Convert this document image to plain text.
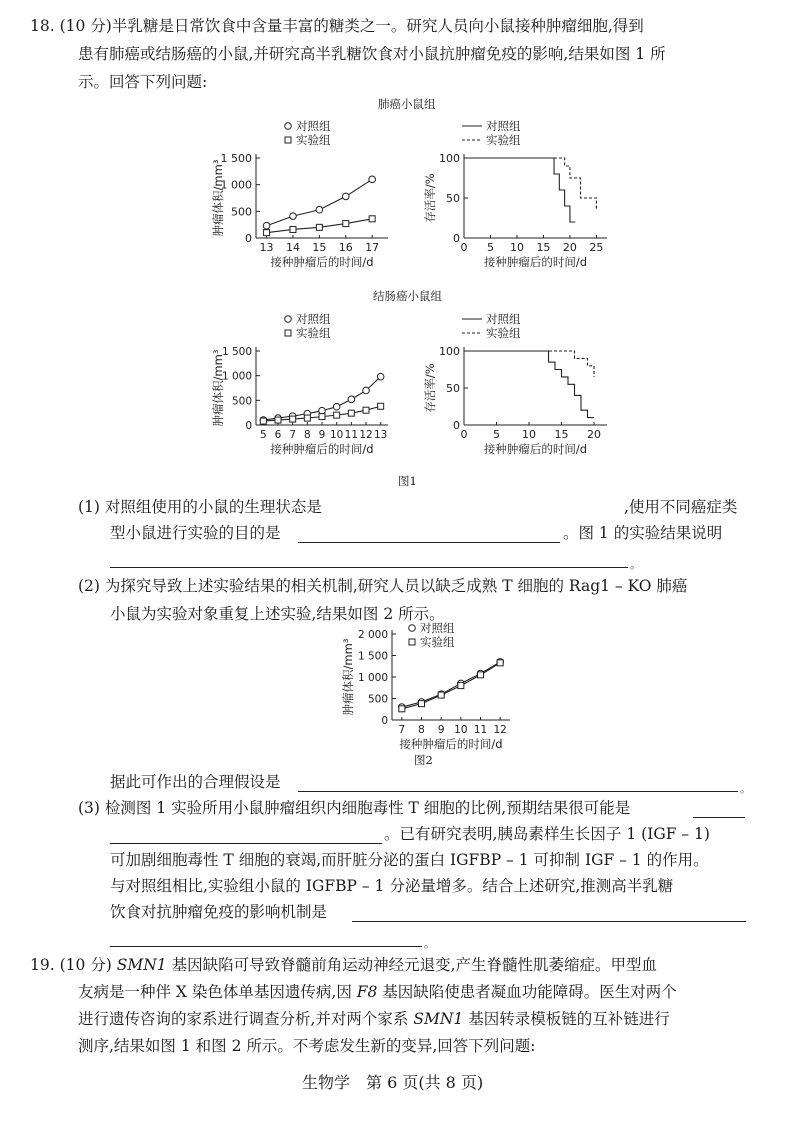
18. (10 分)半乳糖是日常饮食中含量丰富的糖类之一。研究人员向小鼠接种肿瘤细胞,得到
患有肺癌或结肠癌的小鼠,并研究高半乳糖饮食对小鼠抗肿瘤免疫的影响,结果如图 1 所
示。回答下列问题:
肺癌小鼠组
0
500
1 000
1 500
13 14 15 16 17
接种肿瘤后的时间/d
肿瘤体积/mm³
对照组
实验组
0
50
100
0 5 10 15 20 25
接种肿瘤后的时间/d
存活率/%
对照组
实验组
结肠癌小鼠组
0
500
1 000
1 500
5 6 7 8 9 10 11 12 13
接种肿瘤后的时间/d
肿瘤体积/mm³
对照组
实验组
0
50
100
0 5 10 15 20
接种肿瘤后的时间/d
存活率/%
对照组
实验组
图1
(1) 对照组使用的小鼠的生理状态是	,使用不同癌症类
型小鼠进行实验的目的是	。图 1 的实验结果说明
。
(2) 为探究导致上述实验结果的相关机制,研究人员以缺乏成熟 T 细胞的 Rag1 – KO 肺癌
小鼠为实验对象重复上述实验,结果如图 2 所示。
0
500
1 000
1 500
2 000
7 8 9 10 11 12
接种肿瘤后的时间/d
肿瘤体积/mm³
对照组
实验组
图2
据此可作出的合理假设是	。
(3) 检测图 1 实验所用小鼠肿瘤组织内细胞毒性 T 细胞的比例,预期结果很可能是
。已有研究表明,胰岛素样生长因子 1 (IGF – 1)
可加剧细胞毒性 T 细胞的衰竭,而肝脏分泌的蛋白 IGFBP – 1 可抑制 IGF – 1 的作用。
与对照组相比,实验组小鼠的 IGFBP – 1 分泌量增多。结合上述研究,推测高半乳糖
饮食对抗肿瘤免疫的影响机制是
。
19. (10 分) SMN1 基因缺陷可导致脊髓前角运动神经元退变,产生脊髓性肌萎缩症。甲型血
友病是一种伴 X 染色体单基因遗传病,因 F8 基因缺陷使患者凝血功能障碍。医生对两个
进行遗传咨询的家系进行调查分析,并对两个家系 SMN1 基因转录模板链的互补链进行
测序,结果如图 1 和图 2 所示。不考虑发生新的变异,回答下列问题:
生物学　第 6 页(共 8 页)
